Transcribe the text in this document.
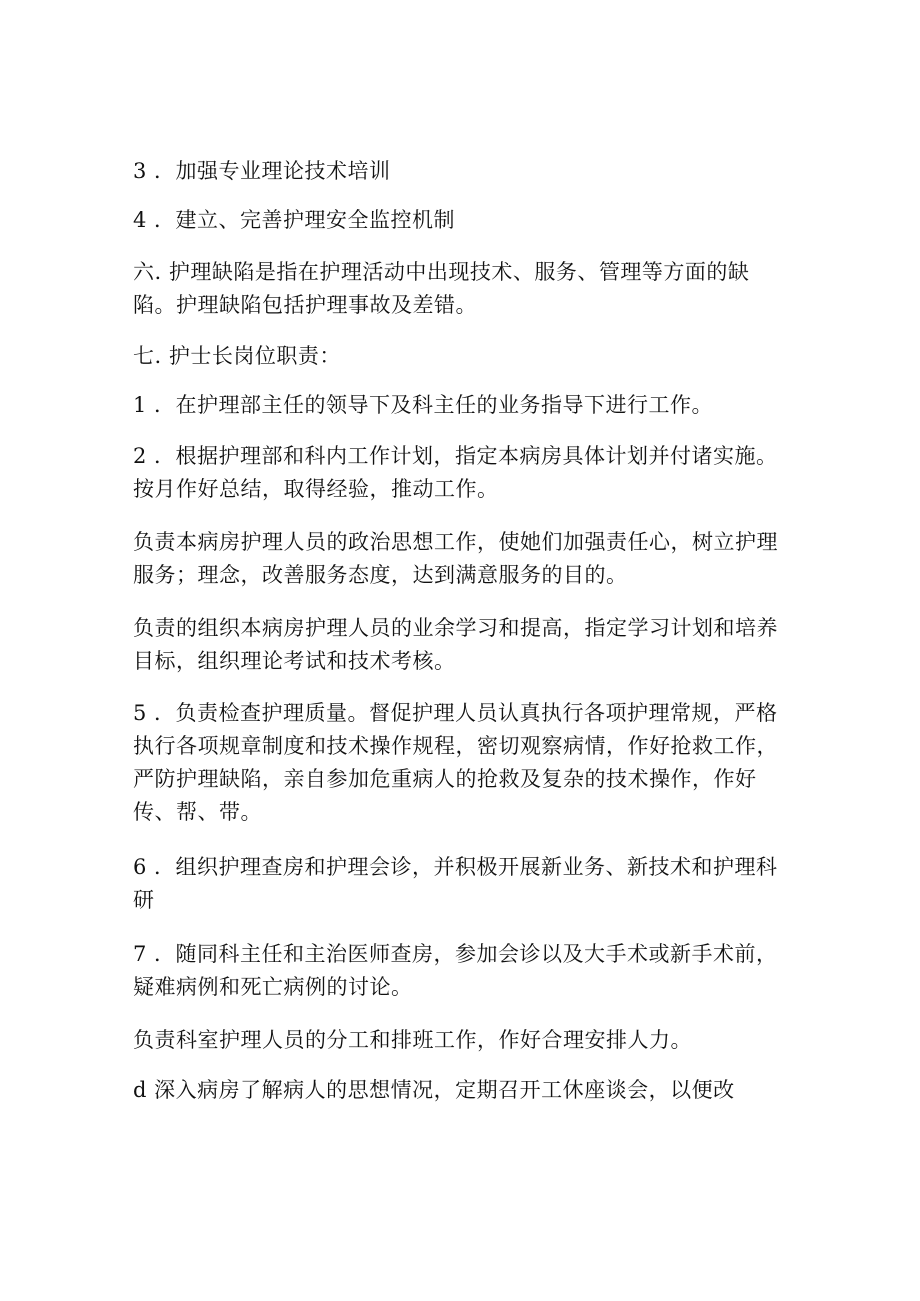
3 ．加强专业理论技术培训

4 ．建立、完善护理安全监控机制

六. 护理缺陷是指在护理活动中出现技术、服务、管理等方面的缺
陷。护理缺陷包括护理事故及差错。

七. 护士长岗位职责：

1 ．在护理部主任的领导下及科主任的业务指导下进行工作。

2 ．根据护理部和科内工作计划，指定本病房具体计划并付诸实施。
按月作好总结，取得经验，推动工作。

负责本病房护理人员的政治思想工作，使她们加强责任心，树立护理
服务；理念，改善服务态度，达到满意服务的目的。

负责的组织本病房护理人员的业余学习和提高，指定学习计划和培养
目标，组织理论考试和技术考核。

5 ．负责检查护理质量。督促护理人员认真执行各项护理常规，严格
执行各项规章制度和技术操作规程，密切观察病情，作好抢救工作，
严防护理缺陷，亲自参加危重病人的抢救及复杂的技术操作，作好
传、帮、带。

6 ．组织护理查房和护理会诊，并积极开展新业务、新技术和护理科
研

7 ．随同科主任和主治医师查房，参加会诊以及大手术或新手术前，
疑难病例和死亡病例的讨论。

负责科室护理人员的分工和排班工作，作好合理安排人力。

d 深入病房了解病人的思想情况，定期召开工休座谈会，以便改
